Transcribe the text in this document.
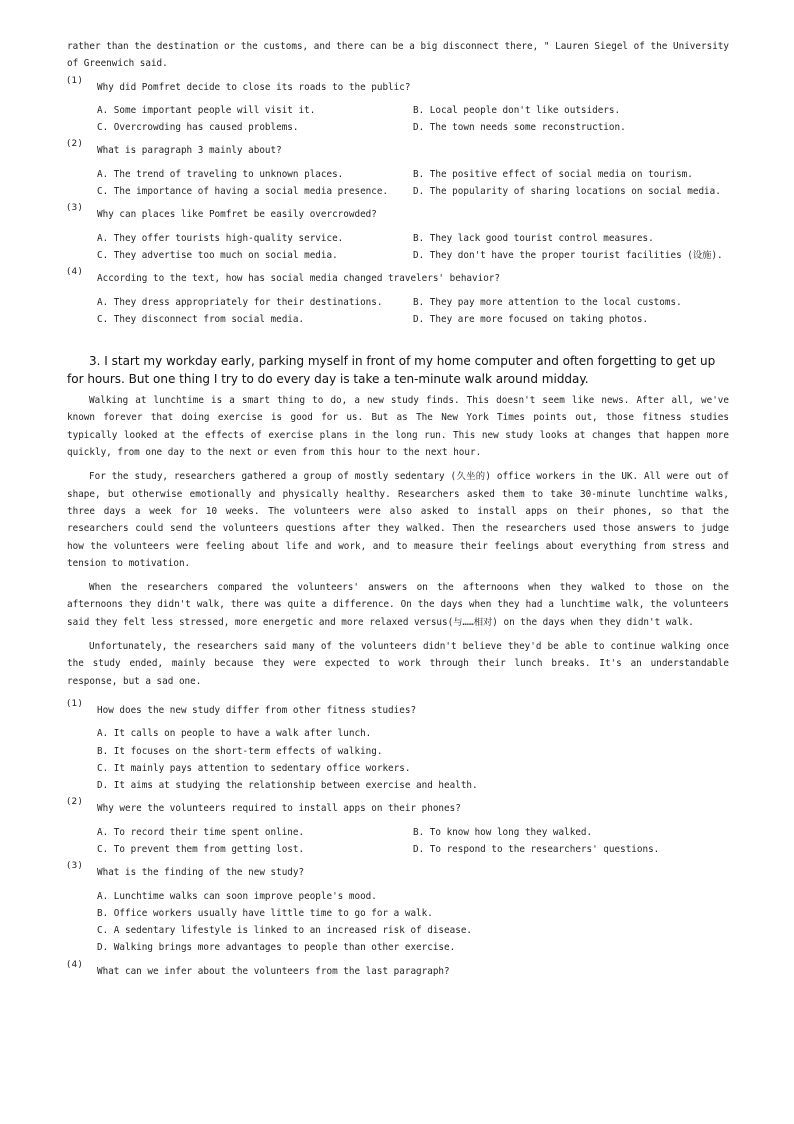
rather than the destination or the customs, and there can be a big disconnect there, " Lauren Siegel of the University of Greenwich said.

(1)
Why did Pomfret decide to close its roads to the public?
A. Some important people will visit it.	B. Local people don't like outsiders.
C. Overcrowding has caused problems.	D. The town needs some reconstruction.
(2)
What is paragraph 3 mainly about?
A. The trend of traveling to unknown places.	B. The positive effect of social media on tourism.
C. The importance of having a social media presence.	D. The popularity of sharing locations on social media.
(3)
Why can places like Pomfret be easily overcrowded?
A. They offer tourists high-quality service.	B. They lack good tourist control measures.
C. They advertise too much on social media.	D. They don't have the proper tourist facilities (设施).
(4)
According to the text, how has social media changed travelers' behavior?
A. They dress appropriately for their destinations.	B. They pay more attention to the local customs.
C. They disconnect from social media.	D. They are more focused on taking photos.

3. I start my workday early, parking myself in front of my home computer and often forgetting to get up for hours. But one thing I try to do every day is take a ten-minute walk around midday.

Walking at lunchtime is a smart thing to do, a new study finds. This doesn't seem like news. After all, we've known forever that doing exercise is good for us. But as The New York Times points out, those fitness studies typically looked at the effects of exercise plans in the long run. This new study looks at changes that happen more quickly, from one day to the next or even from this hour to the next hour.

For the study, researchers gathered a group of mostly sedentary (久坐的) office workers in the UK. All were out of shape, but otherwise emotionally and physically healthy. Researchers asked them to take 30-minute lunchtime walks, three days a week for 10 weeks. The volunteers were also asked to install apps on their phones, so that the researchers could send the volunteers questions after they walked. Then the researchers used those answers to judge how the volunteers were feeling about life and work, and to measure their feelings about everything from stress and tension to motivation.

When the researchers compared the volunteers' answers on the afternoons when they walked to those on the afternoons they didn't walk, there was quite a difference. On the days when they had a lunchtime walk, the volunteers said they felt less stressed, more energetic and more relaxed versus(与……相对) on the days when they didn't walk.

Unfortunately, the researchers said many of the volunteers didn't believe they'd be able to continue walking once the study ended, mainly because they were expected to work through their lunch breaks. It's an understandable response, but a sad one.

(1)
How does the new study differ from other fitness studies?
A. It calls on people to have a walk after lunch.
B. It focuses on the short-term effects of walking.
C. It mainly pays attention to sedentary office workers.
D. It aims at studying the relationship between exercise and health.
(2)
Why were the volunteers required to install apps on their phones?
A. To record their time spent online.	B. To know how long they walked.
C. To prevent them from getting lost.	D. To respond to the researchers' questions.
(3)
What is the finding of the new study?
A. Lunchtime walks can soon improve people's mood.
B. Office workers usually have little time to go for a walk.
C. A sedentary lifestyle is linked to an increased risk of disease.
D. Walking brings more advantages to people than other exercise.
(4)
What can we infer about the volunteers from the last paragraph?
